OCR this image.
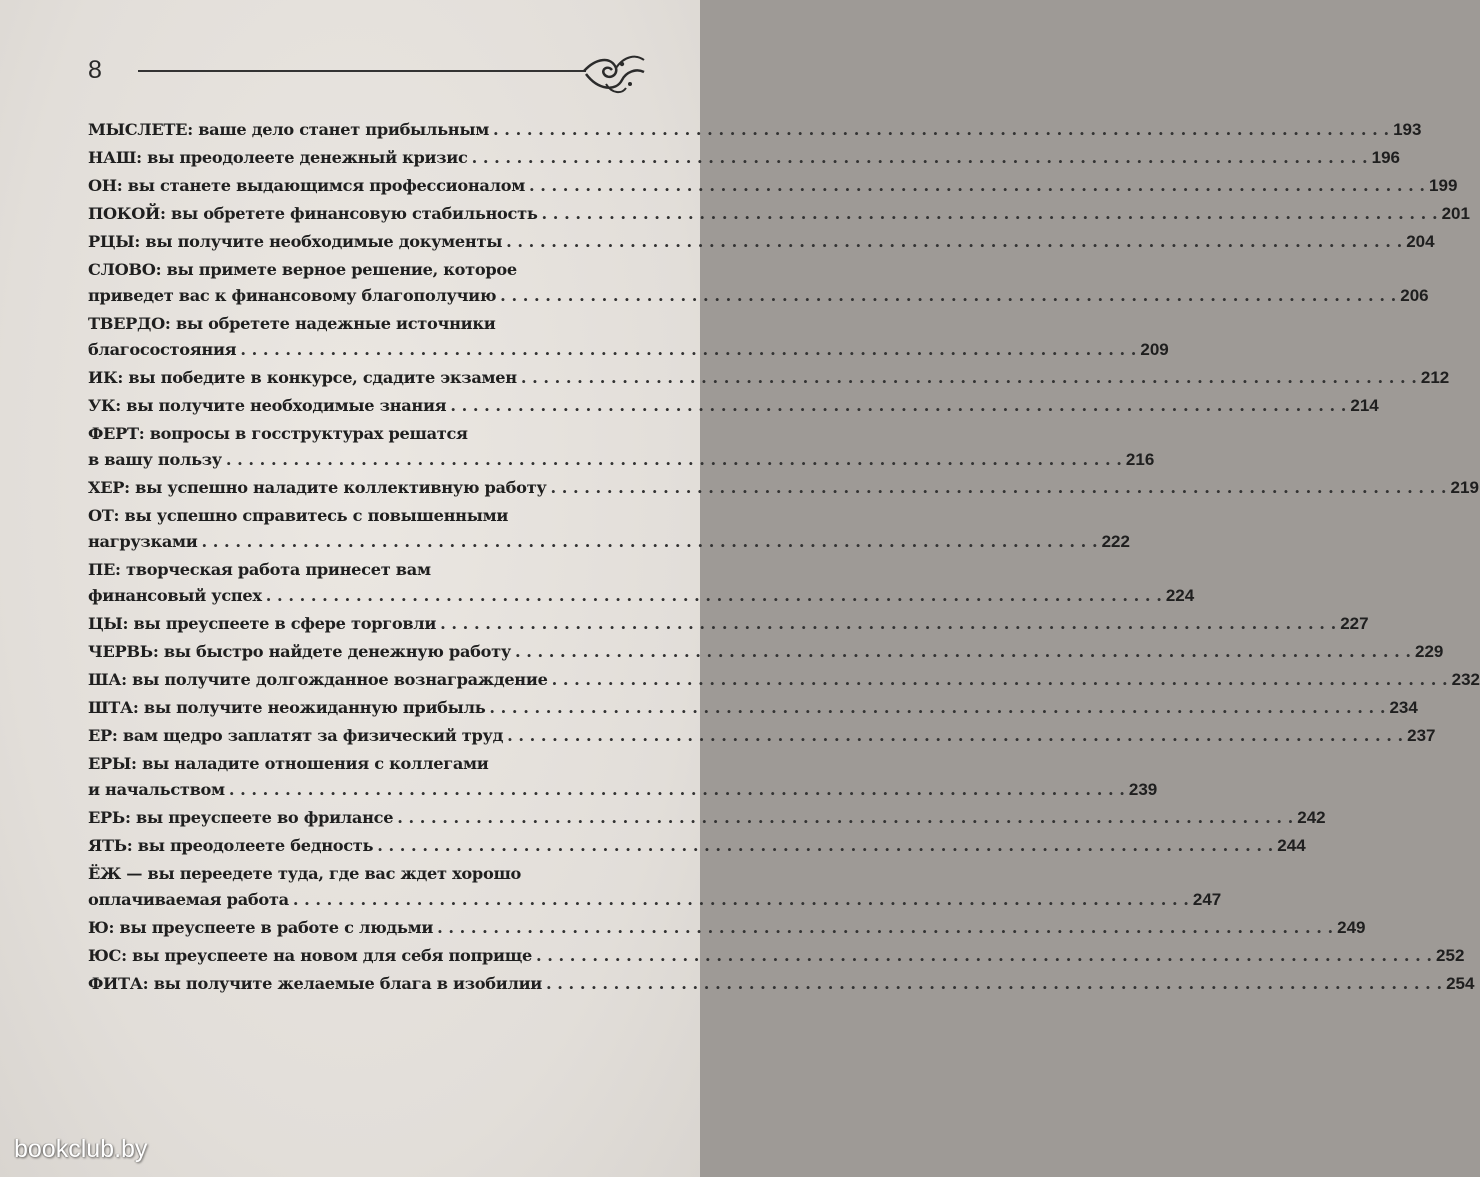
8
МЫСЛЕТЕ: ваше дело станет прибыльным . . .	193
НАШ: вы преодолеете денежный кризис . . .	196
ОН: вы станете выдающимся профессионалом . . .	199
ПОКОЙ: вы обретете финансовую стабильность . . .	201
РЦЫ: вы получите необходимые документы . . .	204
СЛОВО: вы примете верное решение, которое
приведет вас к финансовому благополучию . . .	206
ТВЕРДО: вы обретете надежные источники
благосостояния . . .	209
ИК: вы победите в конкурсе, сдадите экзамен . . .	212
УК: вы получите необходимые знания . . .	214
ФЕРТ: вопросы в госструктурах решатся
в вашу пользу . . .	216
ХЕР: вы успешно наладите коллективную работу . . .	219
ОТ: вы успешно справитесь с повышенными
нагрузками . . .	222
ПЕ: творческая работа принесет вам
финансовый успех . . .	224
ЦЫ: вы преуспеете в сфере торговли . . .	227
ЧЕРВЬ: вы быстро найдете денежную работу . . .	229
ША: вы получите долгожданное вознаграждение . . .	232
ШТА: вы получите неожиданную прибыль . . .	234
ЕР: вам щедро заплатят за физический труд . . .	237
ЕРЫ: вы наладите отношения с коллегами
и начальством . . .	239
ЕРЬ: вы преуспеете во фрилансе . . .	242
ЯТЬ: вы преодолеете бедность . . .	244
ЁЖ — вы переедете туда, где вас ждет хорошо
оплачиваемая работа . . .	247
Ю: вы преуспеете в работе с людьми . . .	249
ЮС: вы преуспеете на новом для себя поприще . . .	252
ФИТА: вы получите желаемые блага в изобилии . . .	254
bookclub.by
